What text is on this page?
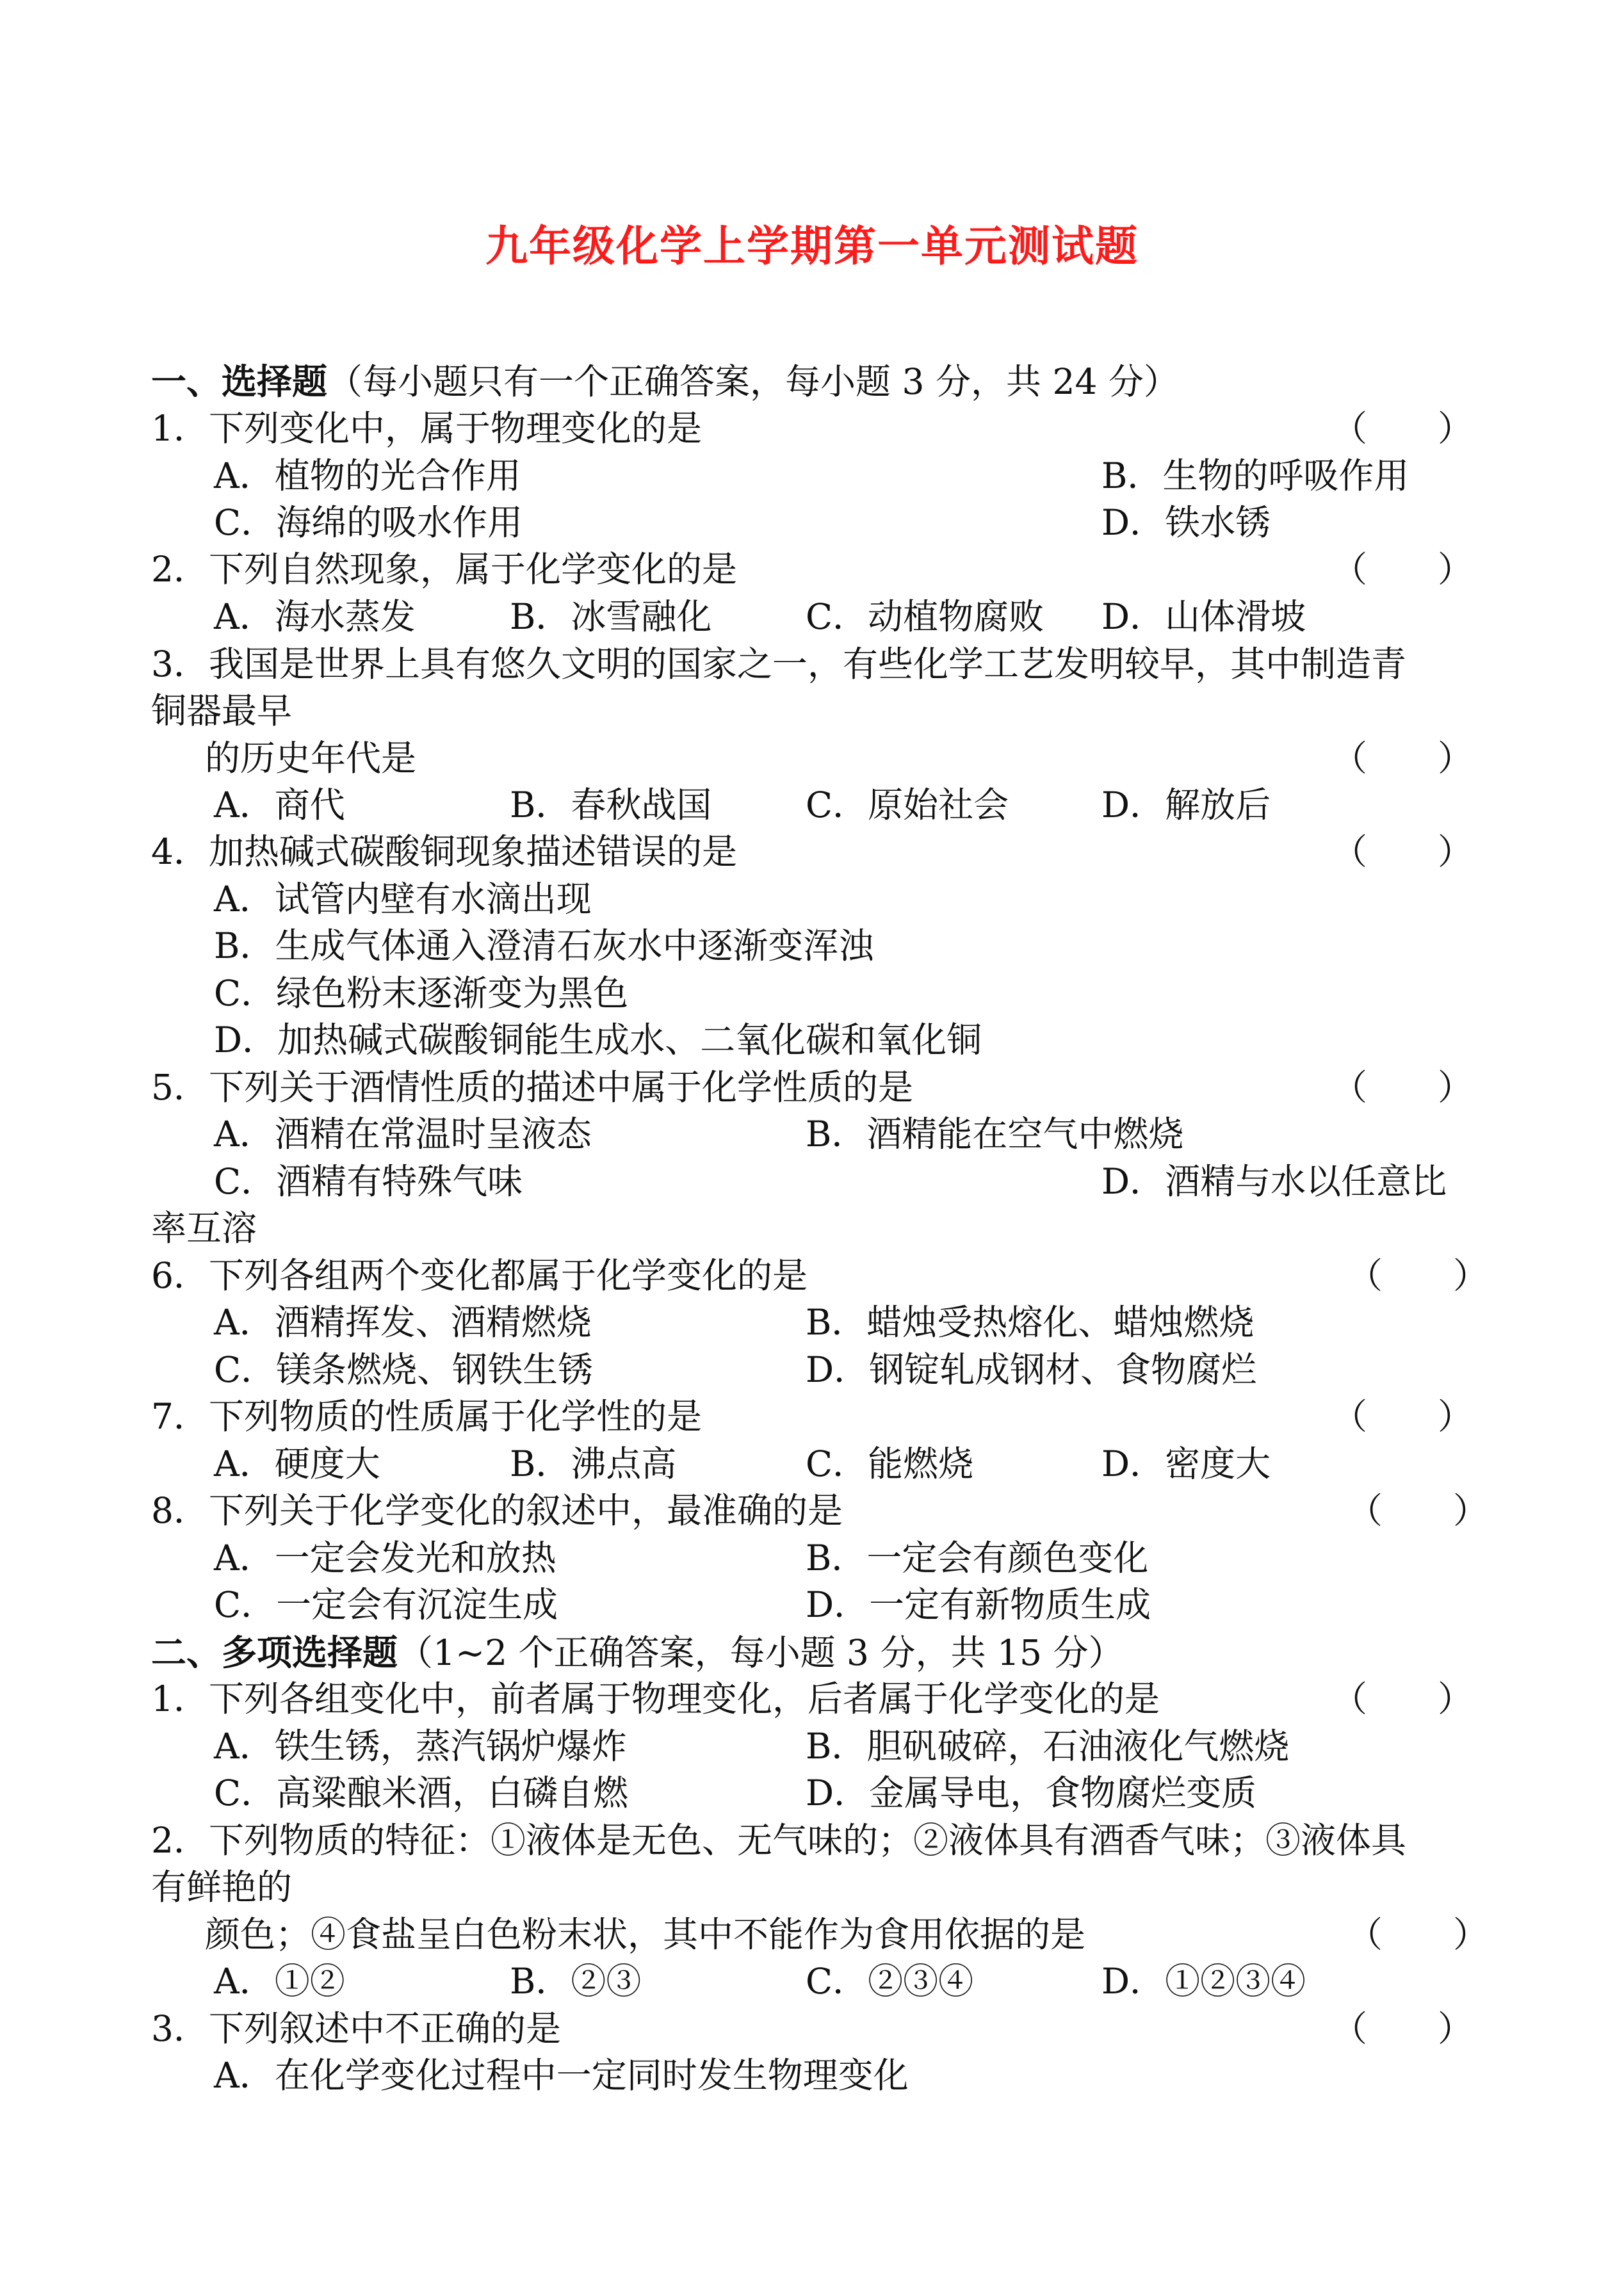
九年级化学上学期第一单元测试题
一、选择题（每小题只有一个正确答案，每小题 3 分，共 24 分）
1．下列变化中，属于物理变化的是	（　　）
A．植物的光合作用	B．生物的呼吸作用
C．海绵的吸水作用	D．铁水锈
2．下列自然现象，属于化学变化的是	（　　）
A．海水蒸发	B．冰雪融化	C．动植物腐败 D．山体滑坡
3．我国是世界上具有悠久文明的国家之一，有些化学工艺发明较早，其中制造青
铜器最早
的历史年代是	（　　）
A．商代	B．春秋战国	C．原始社会	D．解放后
4．加热碱式碳酸铜现象描述错误的是	（　　）
A．试管内壁有水滴出现
B．生成气体通入澄清石灰水中逐渐变浑浊
C．绿色粉末逐渐变为黑色
D．加热碱式碳酸铜能生成水、二氧化碳和氧化铜
5．下列关于酒情性质的描述中属于化学性质的是	（　　）
A．酒精在常温时呈液态	B．酒精能在空气中燃烧
C．酒精有特殊气味	D．酒精与水以任意比
率互溶
6．下列各组两个变化都属于化学变化的是	（　　）
A．酒精挥发、酒精燃烧	B．蜡烛受热熔化、蜡烛燃烧
C．镁条燃烧、钢铁生锈	D．钢锭轧成钢材、食物腐烂
7．下列物质的性质属于化学性的是	（　　）
A．硬度大	B．沸点高	C．能燃烧	D．密度大
8．下列关于化学变化的叙述中，最准确的是	（　　）
A．一定会发光和放热	B．一定会有颜色变化
C．一定会有沉淀生成	D．一定有新物质生成
二、多项选择题（1~2 个正确答案，每小题 3 分，共 15 分）
1．下列各组变化中，前者属于物理变化，后者属于化学变化的是	（　　）
A．铁生锈，蒸汽锅炉爆炸	B．胆矾破碎，石油液化气燃烧
C．高粱酿米酒，白磷自燃	D．金属导电，食物腐烂变质
2．下列物质的特征：①液体是无色、无气味的；②液体具有酒香气味；③液体具
有鲜艳的
颜色；④食盐呈白色粉末状，其中不能作为食用依据的是	（　　）
A．①②	B．②③	C．②③④	D．①②③④
3．下列叙述中不正确的是	（　　）
A．在化学变化过程中一定同时发生物理变化
